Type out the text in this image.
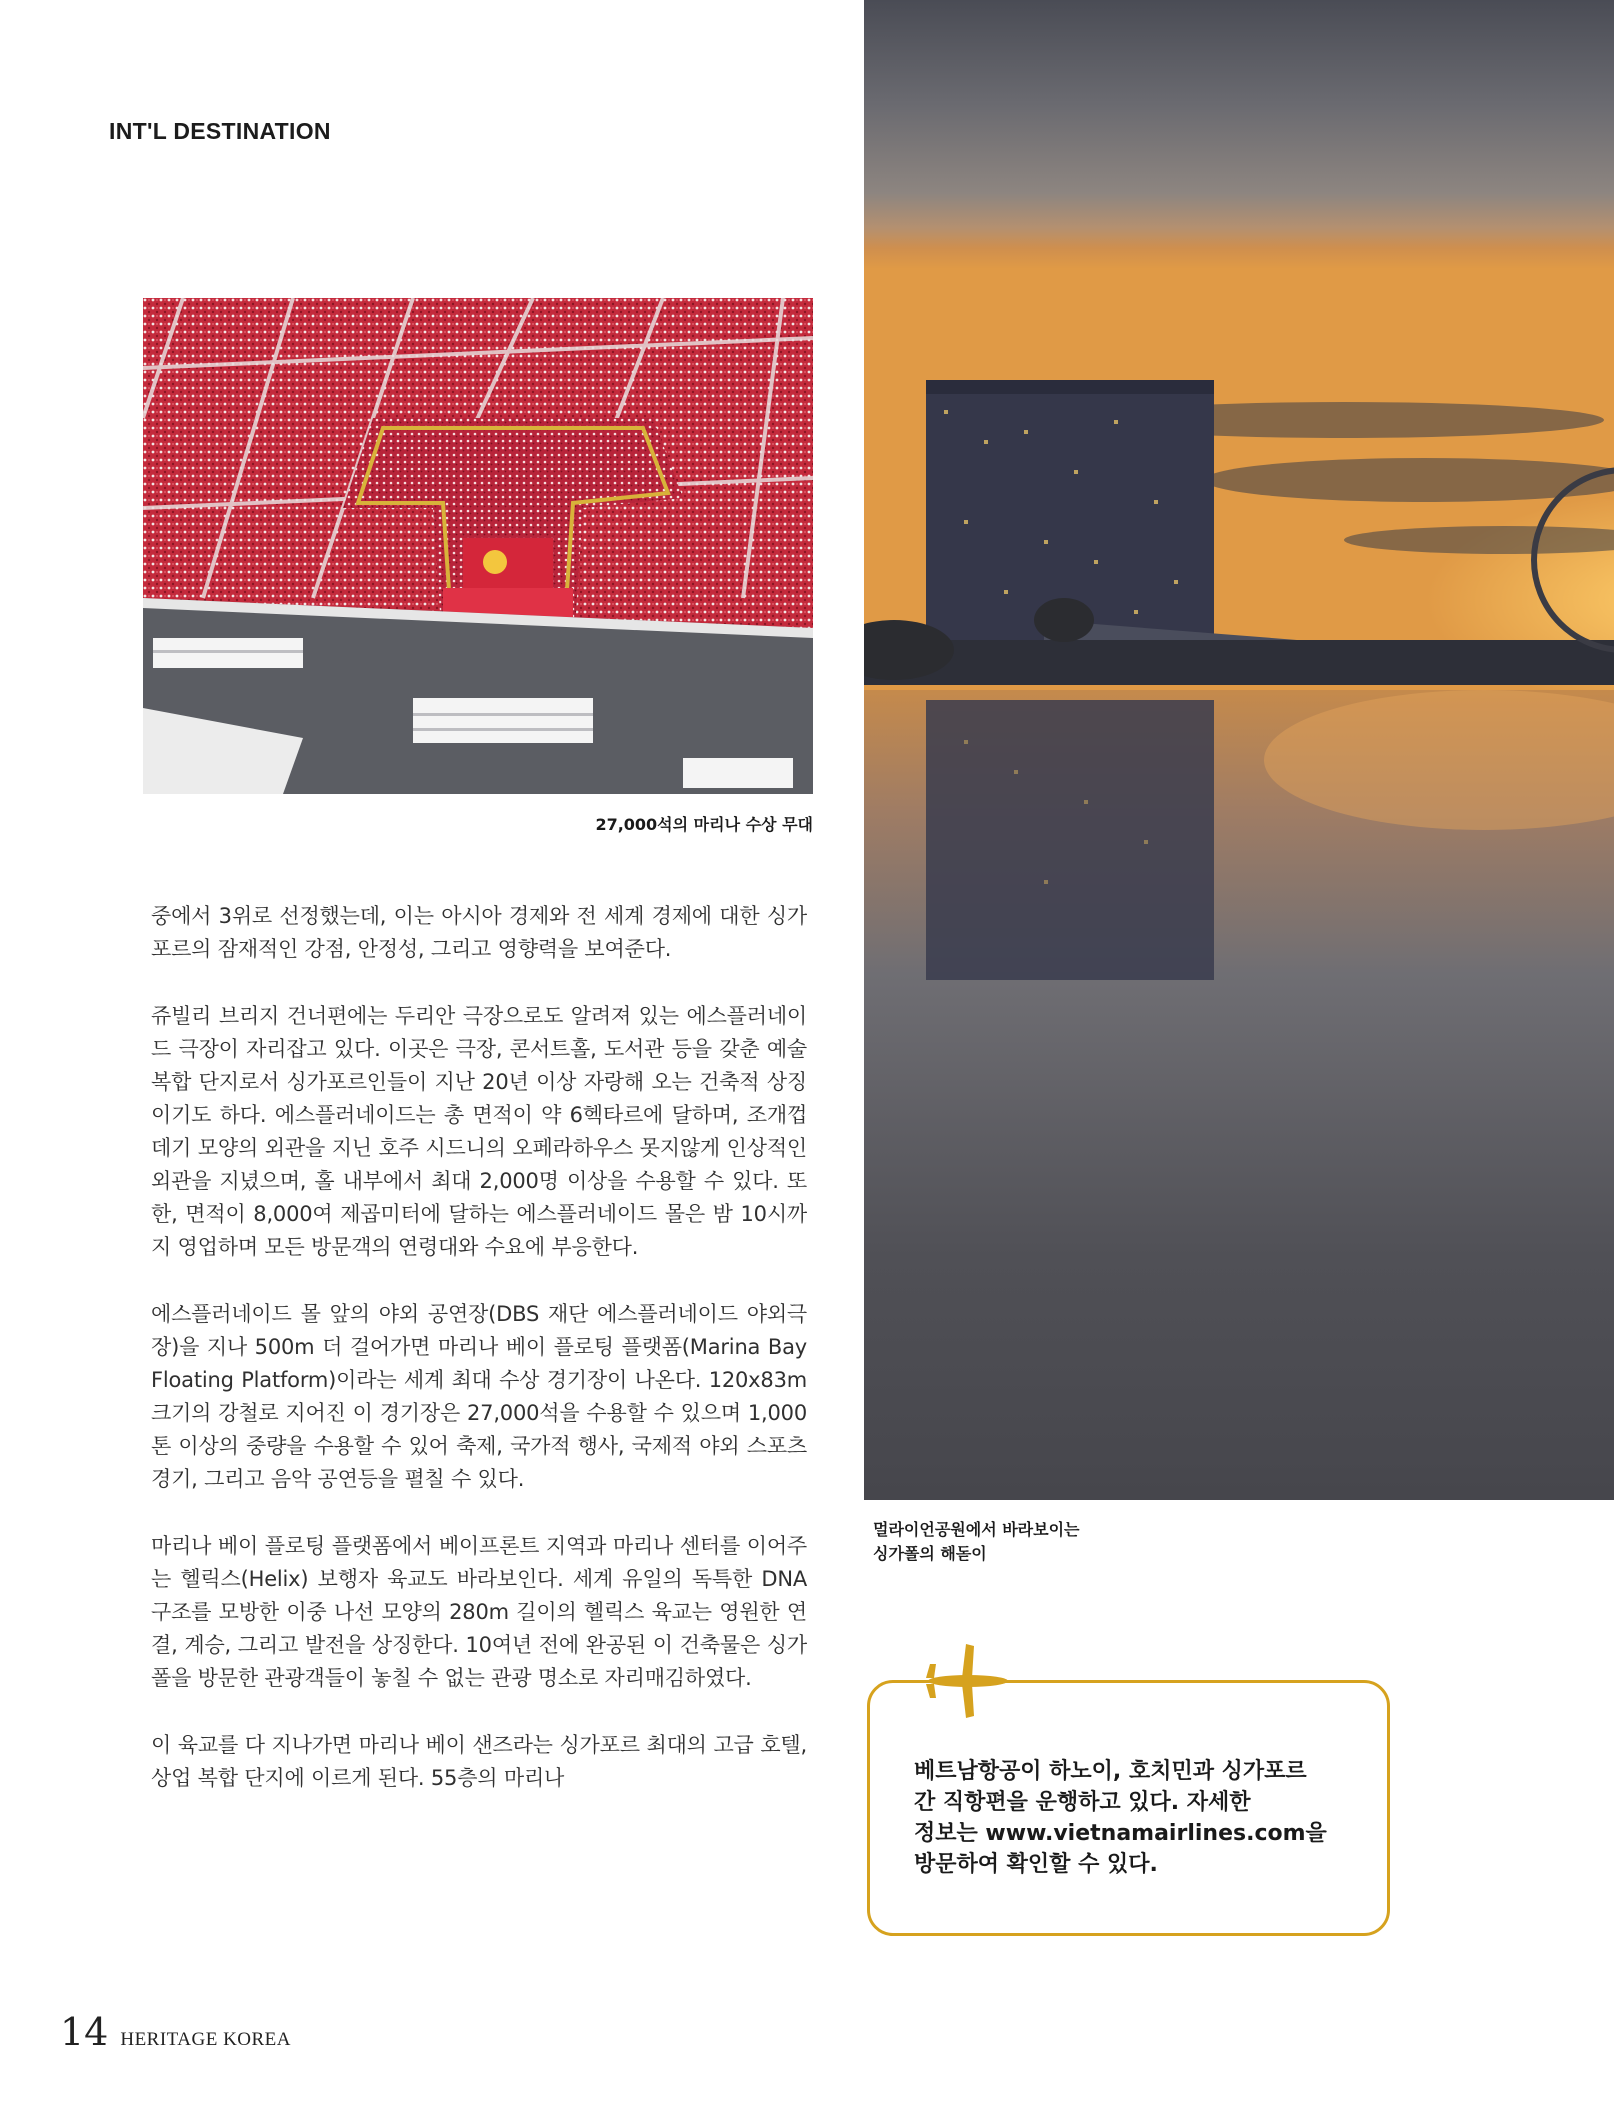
INT'L DESTINATION
27,000석의 마리나 수상 무대

중에서 3위로 선정했는데, 이는 아시아 경제와 전 세계 경제에 대한 싱가포르의 잠재적인 강점, 안정성, 그리고 영향력을 보여준다.

쥬빌리 브리지 건너편에는 두리안 극장으로도 알려져 있는 에스플러네이드 극장이 자리잡고 있다. 이곳은 극장, 콘서트홀, 도서관 등을 갖춘 예술 복합 단지로서 싱가포르인들이 지난 20년 이상 자랑해 오는 건축적 상징이기도 하다. 에스플러네이드는 총 면적이 약 6헥타르에 달하며, 조개껍데기 모양의 외관을 지닌 호주 시드니의 오페라하우스 못지않게 인상적인 외관을 지녔으며, 홀 내부에서 최대 2,000명 이상을 수용할 수 있다. 또한, 면적이 8,000여 제곱미터에 달하는 에스플러네이드 몰은 밤 10시까지 영업하며 모든 방문객의 연령대와 수요에 부응한다.

에스플러네이드 몰 앞의 야외 공연장(DBS 재단 에스플러네이드 야외극장)을 지나 500m 더 걸어가면 마리나 베이 플로팅 플랫폼(Marina Bay Floating Platform)이라는 세계 최대 수상 경기장이 나온다. 120x83m 크기의 강철로 지어진 이 경기장은 27,000석을 수용할 수 있으며 1,000톤 이상의 중량을 수용할 수 있어 축제, 국가적 행사, 국제적 야외 스포츠 경기, 그리고 음악 공연등을 펼칠 수 있다.

마리나 베이 플로팅 플랫폼에서 베이프론트 지역과 마리나 센터를 이어주는 헬릭스(Helix) 보행자 육교도 바라보인다. 세계 유일의 독특한 DNA 구조를 모방한 이중 나선 모양의 280m 길이의 헬릭스 육교는 영원한 연결, 계승, 그리고 발전을 상징한다. 10여년 전에 완공된 이 건축물은 싱가폴을 방문한 관광객들이 놓칠 수 없는 관광 명소로 자리매김하였다.

이 육교를 다 지나가면 마리나 베이 샌즈라는 싱가포르 최대의 고급 호텔, 상업 복합 단지에 이르게 된다. 55층의 마리나

멀라이언공원에서 바라보이는
싱가폴의 해돋이
베트남항공이 하노이, 호치민과 싱가포르
간 직항편을 운행하고 있다. 자세한
정보는 www.vietnamairlines.com을
방문하여 확인할 수 있다.
14 HERITAGE KOREA
